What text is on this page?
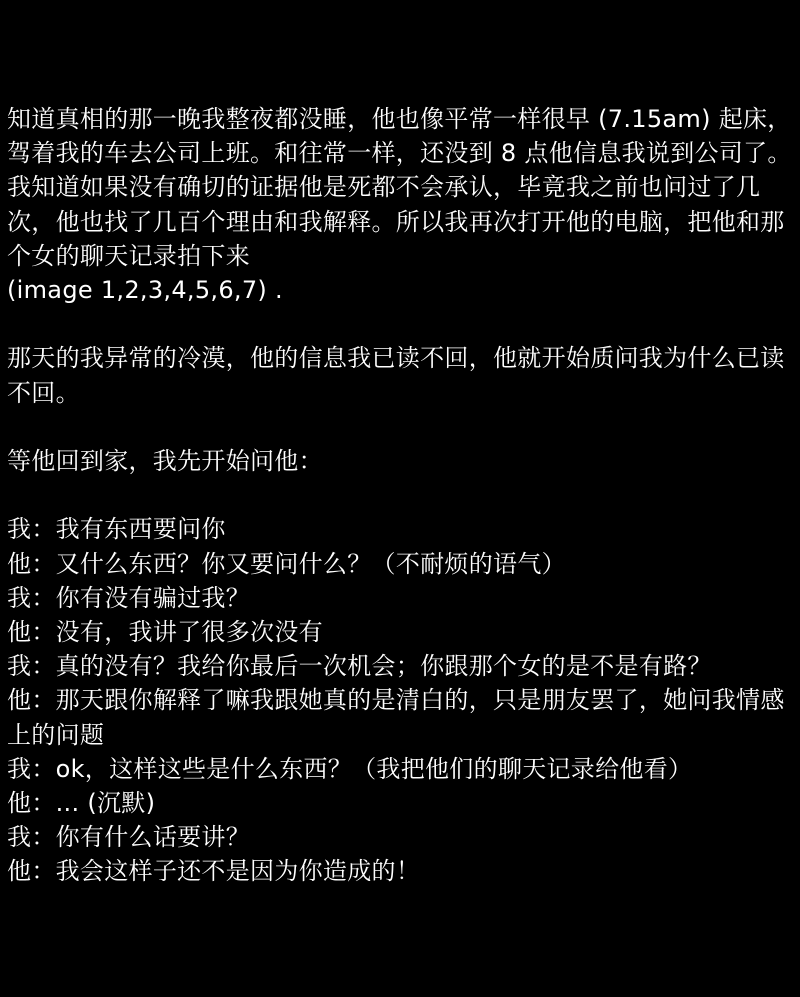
知道真相的那一晚我整夜都没睡，他也像平常一样很早 (7.15am) 起床，驾着我的车去公司上班。和往常一样，还没到 8 点他信息我说到公司了。我知道如果没有确切的证据他是死都不会承认，毕竟我之前也问过了几次，他也找了几百个理由和我解释。所以我再次打开他的电脑，把他和那个女的聊天记录拍下来

(image 1,2,3,4,5,6,7) .

那天的我异常的冷漠，他的信息我已读不回，他就开始质问我为什么已读不回。

等他回到家，我先开始问他：

我：我有东西要问你

他：又什么东西？你又要问什么？（不耐烦的语气）

我：你有没有骗过我？

他：没有，我讲了很多次没有

我：真的没有？我给你最后一次机会；你跟那个女的是不是有路？

他：那天跟你解释了嘛我跟她真的是清白的，只是朋友罢了，她问我情感上的问题

我：ok，这样这些是什么东西？（我把他们的聊天记录给他看）

他：... (沉默)

我：你有什么话要讲？

他：我会这样子还不是因为你造成的！
